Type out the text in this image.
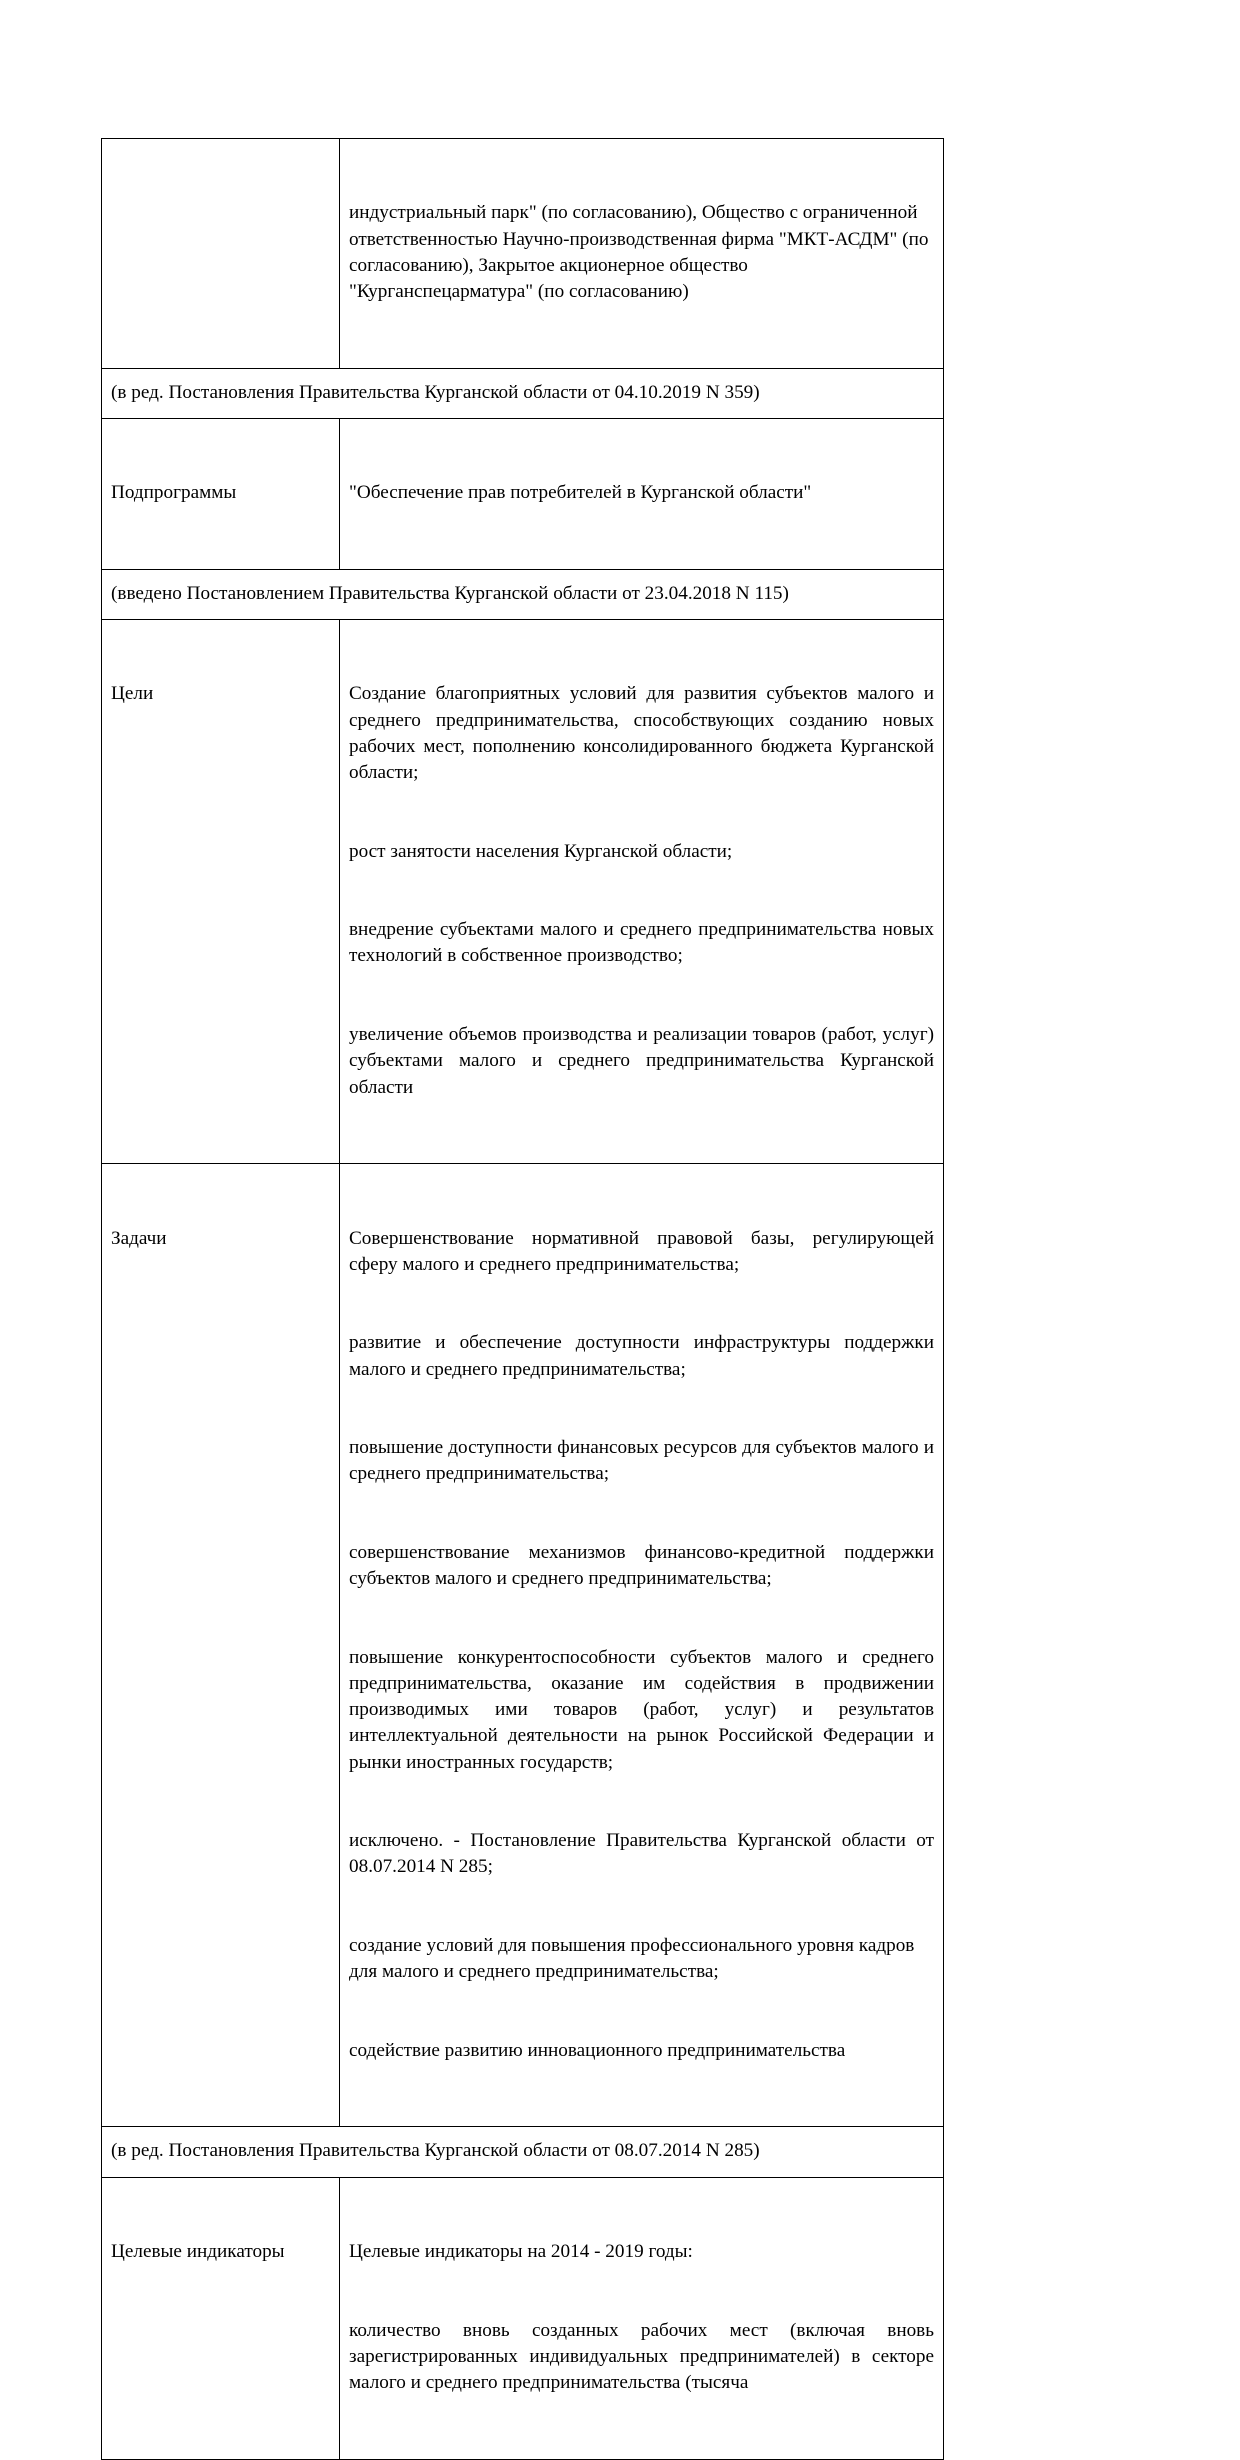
	индустриальный парк" (по согласованию), Общество с ограниченной ответственностью Научно-производственная фирма "МКТ-АСДМ" (по согласованию), Закрытое акционерное общество "Курганспецарматура" (по согласованию)

(в ред. Постановления Правительства Курганской области от 04.10.2019 N 359)	

Подпрограммы	"Обеспечение прав потребителей в Курганской области"

(введено Постановлением Правительства Курганской области от 23.04.2018 N 115)	

Цели	Создание благоприятных условий для развития субъектов малого и среднего предпринимательства, способствующих созданию новых рабочих мест, пополнению консолидированного бюджета Курганской области;

рост занятости населения Курганской области;

внедрение субъектами малого и среднего предпринимательства новых технологий в собственное производство;

увеличение объемов производства и реализации товаров (работ, услуг) субъектами малого и среднего предпринимательства Курганской области

Задачи	Совершенствование нормативной правовой базы, регулирующей сферу малого и среднего предпринимательства;

развитие и обеспечение доступности инфраструктуры поддержки малого и среднего предпринимательства;

повышение доступности финансовых ресурсов для субъектов малого и среднего предпринимательства;

совершенствование механизмов финансово-кредитной поддержки субъектов малого и среднего предпринимательства;

повышение конкурентоспособности субъектов малого и среднего предпринимательства, оказание им содействия в продвижении производимых ими товаров (работ, услуг) и результатов интеллектуальной деятельности на рынок Российской Федерации и рынки иностранных государств;

исключено. - Постановление Правительства Курганской области от 08.07.2014 N 285;

создание условий для повышения профессионального уровня кадров для малого и среднего предпринимательства;

содействие развитию инновационного предпринимательства

(в ред. Постановления Правительства Курганской области от 08.07.2014 N 285)	

Целевые индикаторы	Целевые индикаторы на 2014 - 2019 годы:

количество вновь созданных рабочих мест (включая вновь зарегистрированных индивидуальных предпринимателей) в секторе малого и среднего предпринимательства (тысяча
